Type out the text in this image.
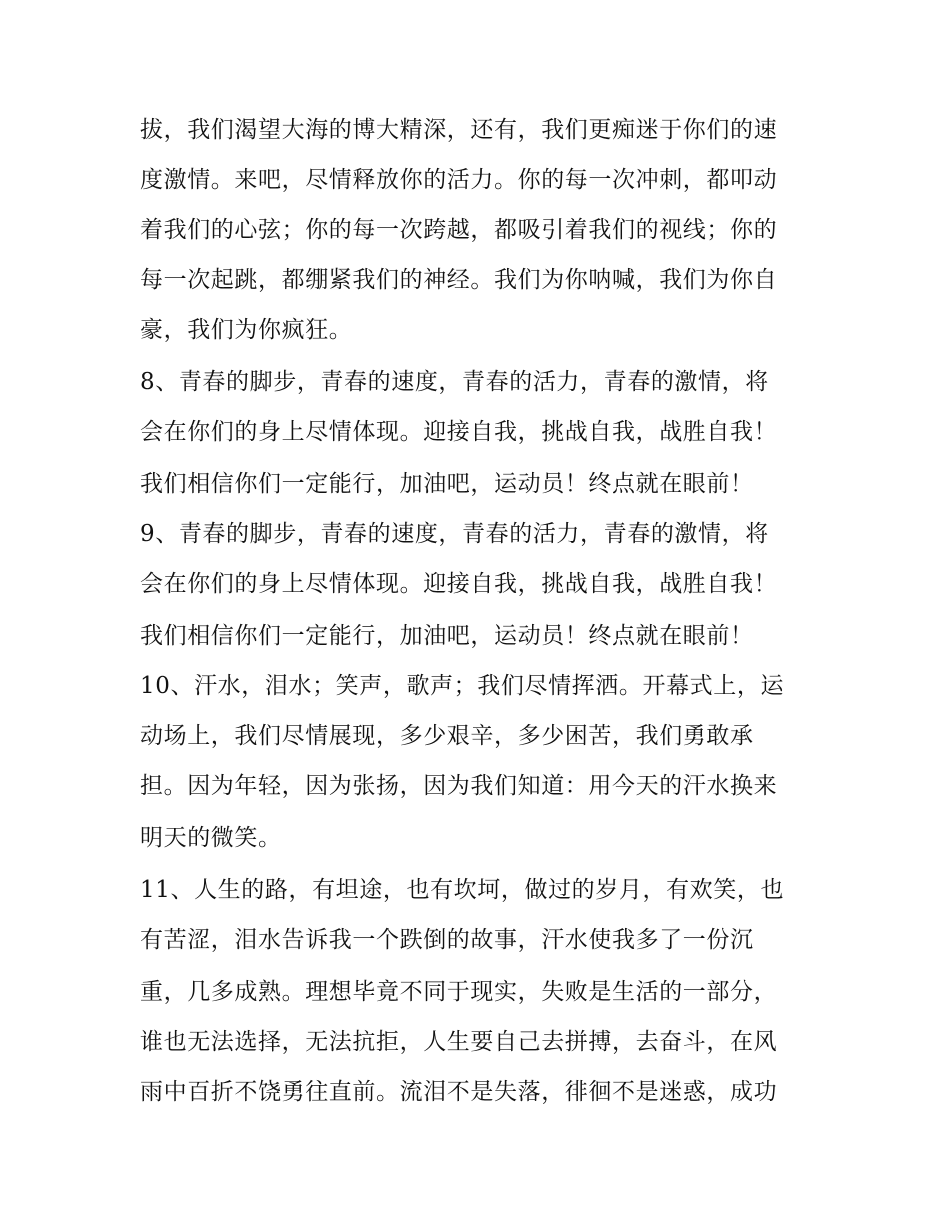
拔，我们渴望大海的博大精深，还有，我们更痴迷于你们的速
度激情。来吧，尽情释放你的活力。你的每一次冲刺，都叩动
着我们的心弦；你的每一次跨越，都吸引着我们的视线；你的
每一次起跳，都绷紧我们的神经。我们为你呐喊，我们为你自
豪，我们为你疯狂。
8、青春的脚步，青春的速度，青春的活力，青春的激情，将
会在你们的身上尽情体现。迎接自我，挑战自我，战胜自我！
我们相信你们一定能行，加油吧，运动员！终点就在眼前！
9、青春的脚步，青春的速度，青春的活力，青春的激情，将
会在你们的身上尽情体现。迎接自我，挑战自我，战胜自我！
我们相信你们一定能行，加油吧，运动员！终点就在眼前！
10、汗水，泪水；笑声，歌声；我们尽情挥洒。开幕式上，运
动场上，我们尽情展现，多少艰辛，多少困苦，我们勇敢承
担。因为年轻，因为张扬，因为我们知道：用今天的汗水换来
明天的微笑。
11、人生的路，有坦途，也有坎坷，做过的岁月，有欢笑，也
有苦涩，泪水告诉我一个跌倒的故事，汗水使我多了一份沉
重，几多成熟。理想毕竟不同于现实，失败是生活的一部分，
谁也无法选择，无法抗拒，人生要自己去拼搏，去奋斗，在风
雨中百折不饶勇往直前。流泪不是失落，徘徊不是迷惑，成功
